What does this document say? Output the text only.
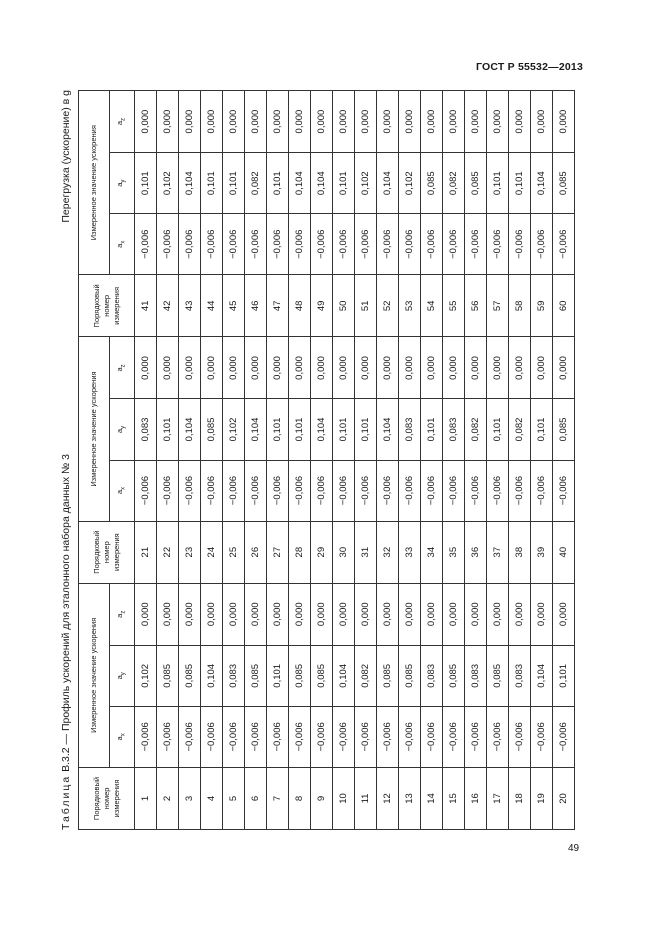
ГОСТ Р 55532—2013
Таблица В.3.2 — Профиль ускорений для эталонного набора данных № 3
Перегрузка (ускорение) в g
Порядковый номер измерения	Измеренное значение ускорения			Порядковый номер измерения	Измеренное значение ускорения			Порядковый номер измерения	Измеренное значение ускорения		
	$a_x$	$a_y$	$a_z$		$a_x$	$a_y$	$a_z$		$a_x$	$a_y$	$a_z$
1	−0,006	0,102	0,000	21	−0,006	0,083	0,000	41	−0,006	0,101	0,000
2	−0,006	0,085	0,000	22	−0,006	0,101	0,000	42	−0,006	0,102	0,000
3	−0,006	0,085	0,000	23	−0,006	0,104	0,000	43	−0,006	0,104	0,000
4	−0,006	0,104	0,000	24	−0,006	0,085	0,000	44	−0,006	0,101	0,000
5	−0,006	0,083	0,000	25	−0,006	0,102	0,000	45	−0,006	0,101	0,000
6	−0,006	0,085	0,000	26	−0,006	0,104	0,000	46	−0,006	0,082	0,000
7	−0,006	0,101	0,000	27	−0,006	0,101	0,000	47	−0,006	0,101	0,000
8	−0,006	0,085	0,000	28	−0,006	0,101	0,000	48	−0,006	0,104	0,000
9	−0,006	0,085	0,000	29	−0,006	0,104	0,000	49	−0,006	0,104	0,000
10	−0,006	0,104	0,000	30	−0,006	0,101	0,000	50	−0,006	0,101	0,000
11	−0,006	0,082	0,000	31	−0,006	0,101	0,000	51	−0,006	0,102	0,000
12	−0,006	0,085	0,000	32	−0,006	0,104	0,000	52	−0,006	0,104	0,000
13	−0,006	0,085	0,000	33	−0,006	0,083	0,000	53	−0,006	0,102	0,000
14	−0,006	0,083	0,000	34	−0,006	0,101	0,000	54	−0,006	0,085	0,000
15	−0,006	0,085	0,000	35	−0,006	0,083	0,000	55	−0,006	0,082	0,000
16	−0,006	0,083	0,000	36	−0,006	0,082	0,000	56	−0,006	0,085	0,000
17	−0,006	0,085	0,000	37	−0,006	0,101	0,000	57	−0,006	0,101	0,000
18	−0,006	0,083	0,000	38	−0,006	0,082	0,000	58	−0,006	0,101	0,000
19	−0,006	0,104	0,000	39	−0,006	0,101	0,000	59	−0,006	0,104	0,000
20	−0,006	0,101	0,000	40	−0,006	0,085	0,000	60	−0,006	0,085	0,000
49
